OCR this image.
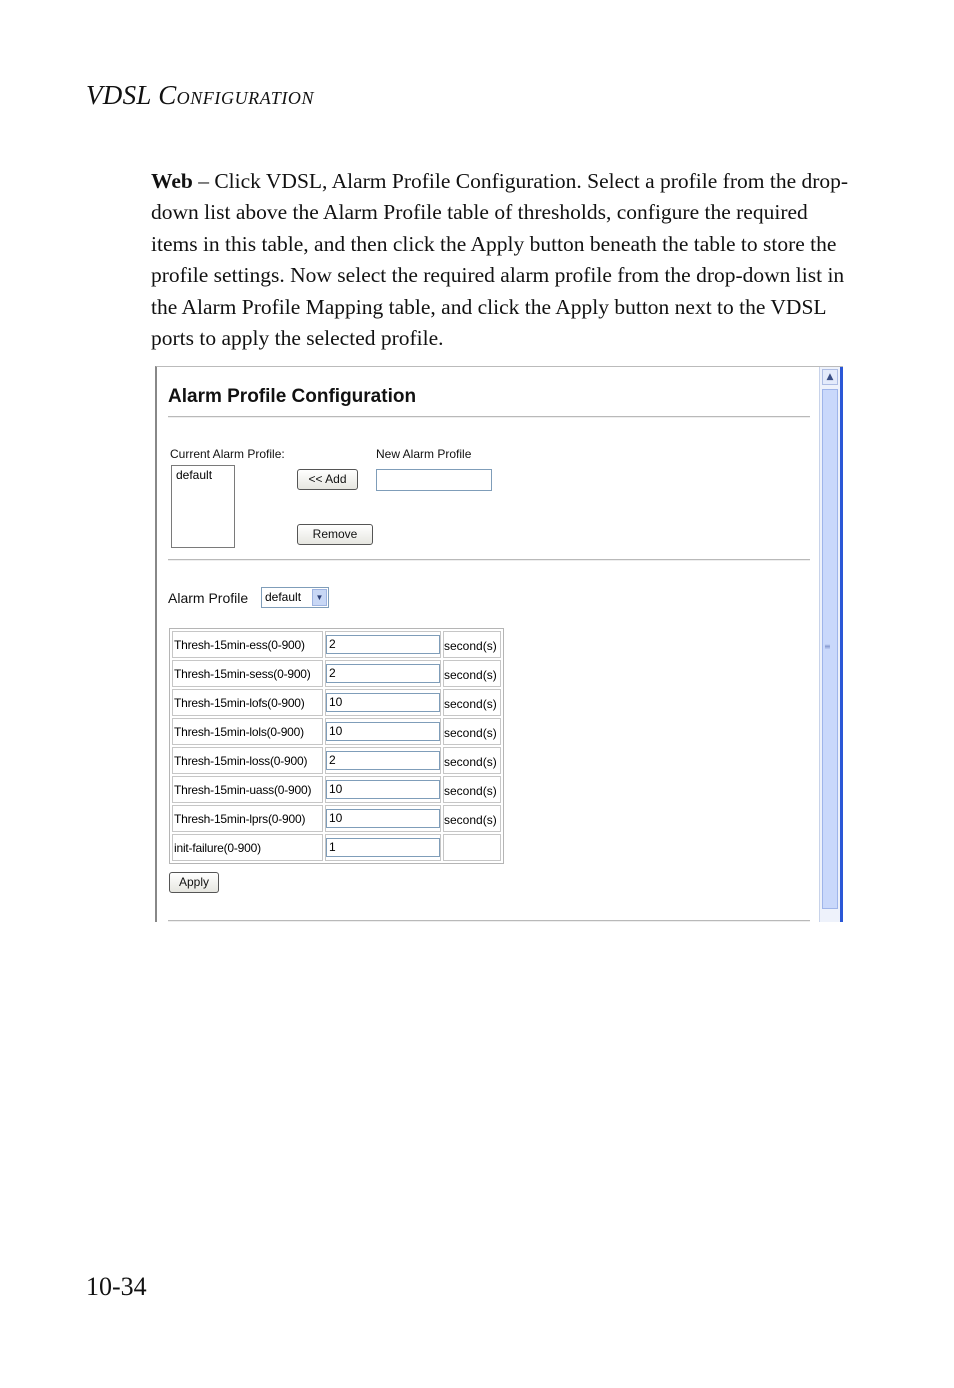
VDSL CONFIGURATION
Web – Click VDSL, Alarm Profile Configuration. Select a profile from the drop-down list above the Alarm Profile table of thresholds, configure the required items in this table, and then click the Apply button beneath the table to store the profile settings. Now select the required alarm profile from the drop-down list in the Alarm Profile Mapping table, and click the Apply button next to the VDSL ports to apply the selected profile.
▲
≡
Alarm Profile Configuration
Current Alarm Profile:	New Alarm Profile
default	<< Add
Remove
Alarm Profile	default	▼
Thresh-15min-ess(0-900)	2	second(s)
Thresh-15min-sess(0-900)	2	second(s)
Thresh-15min-lofs(0-900)	10	second(s)
Thresh-15min-lols(0-900)	10	second(s)
Thresh-15min-loss(0-900)	2	second(s)
Thresh-15min-uass(0-900)	10	second(s)
Thresh-15min-lprs(0-900)	10	second(s)
init-failure(0-900)	1	

Apply
10-34
